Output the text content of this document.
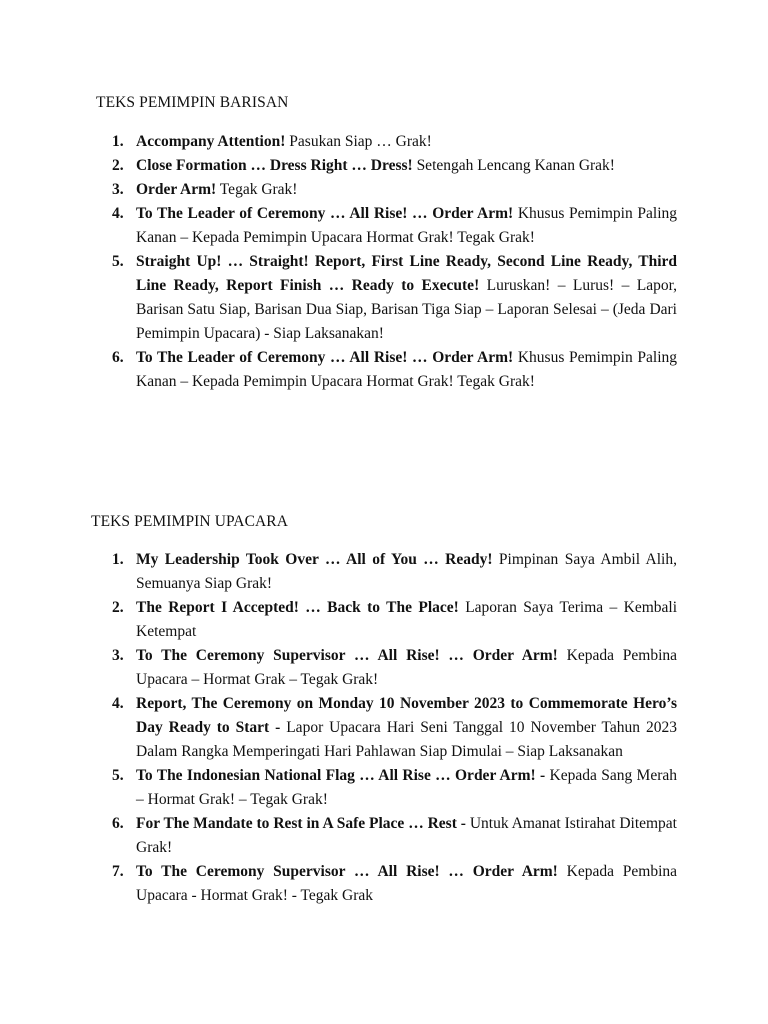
TEKS PEMIMPIN BARISAN
1. Accompany Attention! Pasukan Siap … Grak!
2. Close Formation … Dress Right … Dress! Setengah Lencang Kanan Grak!
3. Order Arm! Tegak Grak!
4. To The Leader of Ceremony … All Rise! … Order Arm! Khusus Pemimpin Paling Kanan – Kepada Pemimpin Upacara Hormat Grak! Tegak Grak!
5. Straight Up! … Straight! Report, First Line Ready, Second Line Ready, Third Line Ready, Report Finish … Ready to Execute! Luruskan! – Lurus! – Lapor, Barisan Satu Siap, Barisan Dua Siap, Barisan Tiga Siap – Laporan Selesai – (Jeda Dari Pemimpin Upacara) - Siap Laksanakan!
6. To The Leader of Ceremony … All Rise! … Order Arm! Khusus Pemimpin Paling Kanan – Kepada Pemimpin Upacara Hormat Grak! Tegak Grak!
TEKS PEMIMPIN UPACARA
1. My Leadership Took Over … All of You … Ready! Pimpinan Saya Ambil Alih, Semuanya Siap Grak!
2. The Report I Accepted! … Back to The Place! Laporan Saya Terima – Kembali Ketempat
3. To The Ceremony Supervisor … All Rise! … Order Arm! Kepada Pembina Upacara – Hormat Grak – Tegak Grak!
4. Report, The Ceremony on Monday 10 November 2023 to Commemorate Hero’s Day Ready to Start - Lapor Upacara Hari Seni Tanggal 10 November Tahun 2023 Dalam Rangka Memperingati Hari Pahlawan Siap Dimulai – Siap Laksanakan
5. To The Indonesian National Flag … All Rise … Order Arm! - Kepada Sang Merah – Hormat Grak! – Tegak Grak!
6. For The Mandate to Rest in A Safe Place … Rest - Untuk Amanat Istirahat Ditempat Grak!
7. To The Ceremony Supervisor … All Rise! … Order Arm! Kepada Pembina Upacara - Hormat Grak! - Tegak Grak
